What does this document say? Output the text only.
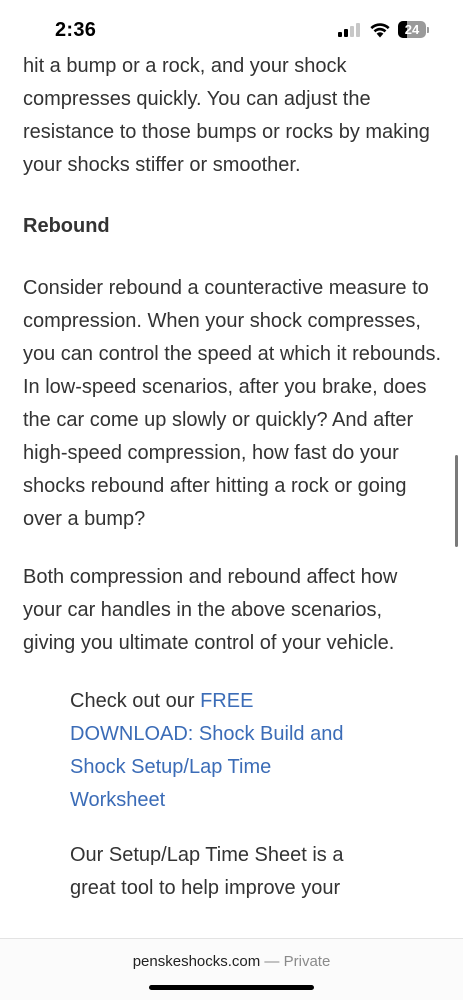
2:36	24

hit a bump or a rock, and your shock compresses quickly. You can adjust the resistance to those bumps or rocks by making your shocks stiffer or smoother.

Rebound

Consider rebound a counteractive measure to compression. When your shock compresses, you can control the speed at which it rebounds. In low-speed scenarios, after you brake, does the car come up slowly or quickly? And after high-speed compression, how fast do your shocks rebound after hitting a rock or going over a bump?

Both compression and rebound affect how your car handles in the above scenarios, giving you ultimate control of your vehicle.

Check out our FREE DOWNLOAD: Shock Build and Shock Setup/Lap Time Worksheet

Our Setup/Lap Time Sheet is a great tool to help improve your

penskeshocks.com — Private
